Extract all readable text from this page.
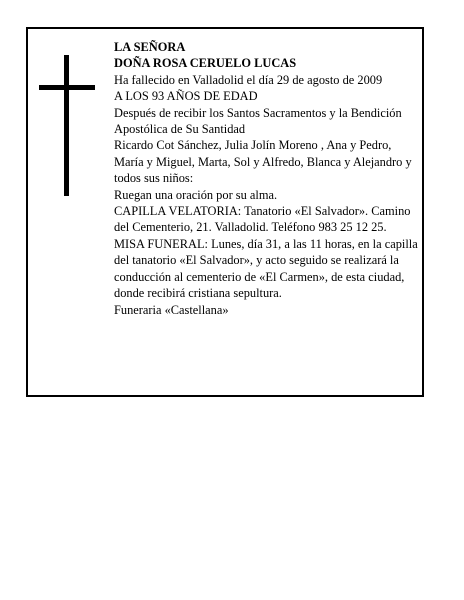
LA SEÑORA

DOÑA ROSA CERUELO LUCAS

Ha fallecido en Valladolid el día 29 de agosto de 2009

A LOS 93 AÑOS DE EDAD

Después de recibir los Santos Sacramentos y la Bendición Apostólica de Su Santidad

Ricardo Cot Sánchez, Julia Jolín Moreno , Ana y Pedro, María y Miguel, Marta, Sol y Alfredo, Blanca y Alejandro y todos sus niños:

Ruegan una oración por su alma.

CAPILLA VELATORIA: Tanatorio «El Salvador». Camino del Cementerio, 21. Valladolid. Teléfono 983 25 12 25.

MISA FUNERAL: Lunes, día 31, a las 11 horas, en la capilla del tanatorio «El Salvador», y acto seguido se realizará la conducción al cementerio de «El Carmen», de esta ciudad, donde recibirá cristiana sepultura.

Funeraria «Castellana»
